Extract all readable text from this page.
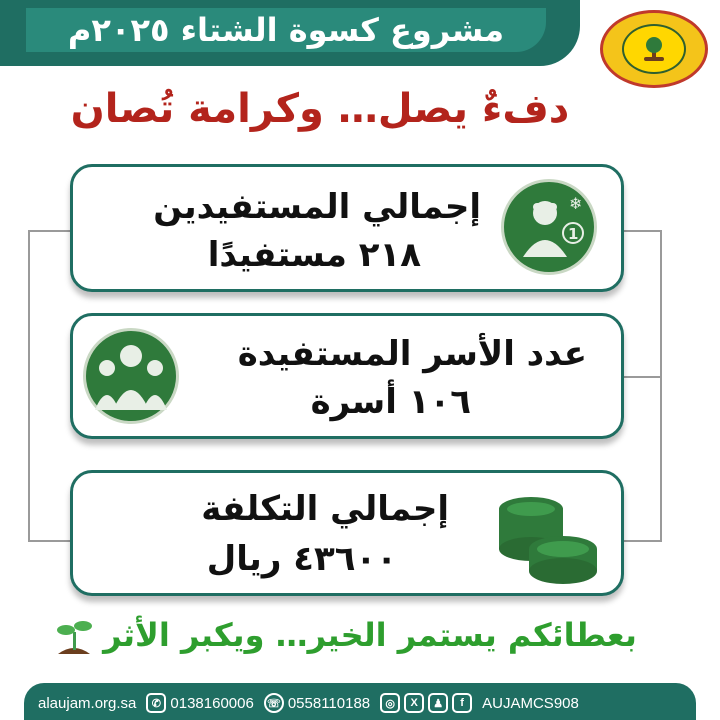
مشروع كسوة الشتاء ٢٠٢٥م
دفءٌ يصل… وكرامة تُصان
إجمالي المستفيدين
٢١٨ مستفيدًا
❄
1
عدد الأسر المستفيدة
١٠٦ أسرة
إجمالي التكلفة
٤٣٦٠٠ ريال
بعطائكم يستمر الخير… ويكبر الأثر
alaujam.org.sa	✆ 0138160006 ☏ 0558110188	◎	X	♟	f	AUJAMCS908
